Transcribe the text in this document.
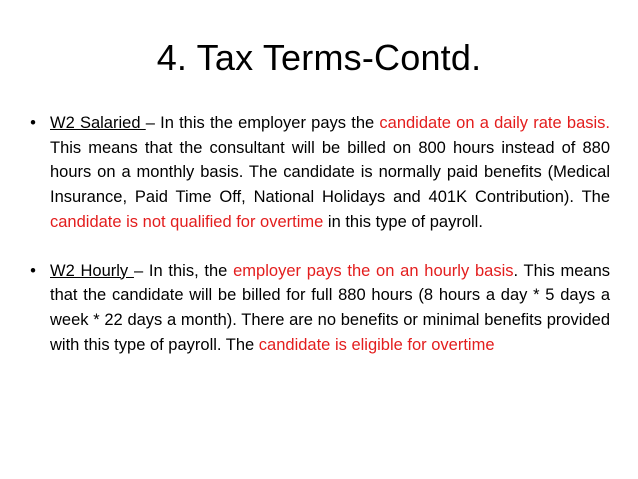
4. Tax Terms-Contd.
• W2 Salaried – In this the employer pays the candidate on a daily rate basis. This means that the consultant will be billed on 800 hours instead of 880 hours on a monthly basis. The candidate is normally paid benefits (Medical Insurance, Paid Time Off, National Holidays and 401K Contribution). The candidate is not qualified for overtime in this type of payroll.
• W2 Hourly – In this, the employer pays the on an hourly basis. This means that the candidate will be billed for full 880 hours (8 hours a day * 5 days a week * 22 days a month). There are no benefits or minimal benefits provided with this type of payroll. The candidate is eligible for overtime
